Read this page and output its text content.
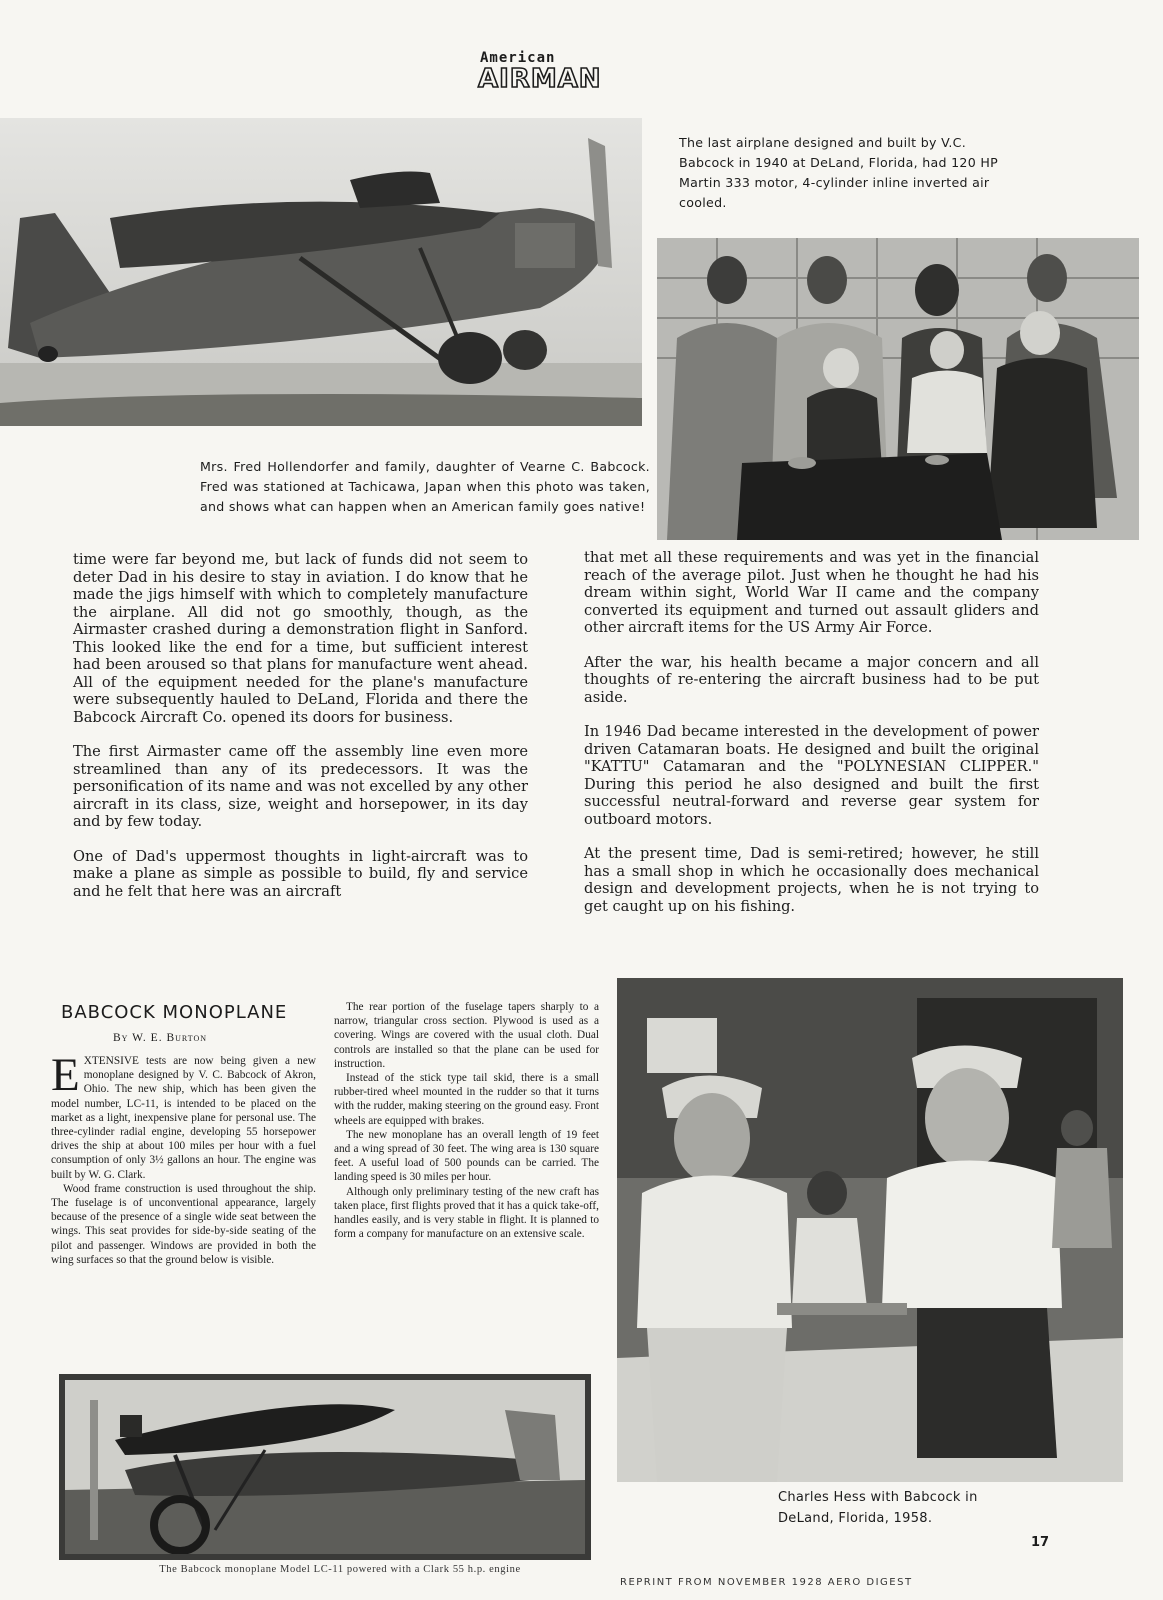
American
AIRMAN
The last airplane designed and built by V.C. Babcock in 1940 at DeLand, Florida, had 120 HP Martin 333 motor, 4-cylinder inline inverted air cooled.
Mrs. Fred Hollendorfer and family, daughter of Vearne C. Babcock. Fred was stationed at Tachicawa, Japan when this photo was taken, and shows what can happen when an American family goes native!

time were far beyond me, but lack of funds did not seem to deter Dad in his desire to stay in aviation. I do know that he made the jigs himself with which to completely manufacture the airplane. All did not go smoothly, though, as the Airmaster crashed during a demonstration flight in Sanford. This looked like the end for a time, but sufficient interest had been aroused so that plans for manufacture went ahead. All of the equipment needed for the plane's manufacture were subsequently hauled to DeLand, Florida and there the Babcock Aircraft Co. opened its doors for business.

The first Airmaster came off the assembly line even more streamlined than any of its predecessors. It was the personification of its name and was not excelled by any other aircraft in its class, size, weight and horsepower, in its day and by few today.

One of Dad's uppermost thoughts in light-aircraft was to make a plane as simple as possible to build, fly and service and he felt that here was an aircraft

that met all these requirements and was yet in the financial reach of the average pilot. Just when he thought he had his dream within sight, World War II came and the company converted its equipment and turned out assault gliders and other aircraft items for the US Army Air Force.

After the war, his health became a major concern and all thoughts of re-entering the aircraft business had to be put aside.

In 1946 Dad became interested in the development of power driven Catamaran boats. He designed and built the original "KATTU" Catamaran and the "POLYNESIAN CLIPPER." During this period he also designed and built the first successful neutral-forward and reverse gear system for outboard motors.

At the present time, Dad is semi-retired; however, he still has a small shop in which he occasionally does mechanical design and development projects, when he is not trying to get caught up on his fishing.

BABCOCK MONOPLANE
By W. E. Burton

EXTENSIVE tests are now being given a new monoplane designed by V. C. Babcock of Akron, Ohio. The new ship, which has been given the model number, LC-11, is intended to be placed on the market as a light, inexpensive plane for personal use. The three-cylinder radial engine, developing 55 horsepower drives the ship at about 100 miles per hour with a fuel consumption of only 3½ gallons an hour. The engine was built by W. G. Clark.

Wood frame construction is used throughout the ship. The fuselage is of unconventional appearance, largely because of the presence of a single wide seat between the wings. This seat provides for side-by-side seating of the pilot and passenger. Windows are provided in both the wing surfaces so that the ground below is visible.

The rear portion of the fuselage tapers sharply to a narrow, triangular cross section. Plywood is used as a covering. Wings are covered with the usual cloth. Dual controls are installed so that the plane can be used for instruction.

Instead of the stick type tail skid, there is a small rubber-tired wheel mounted in the rudder so that it turns with the rudder, making steering on the ground easy. Front wheels are equipped with brakes.

The new monoplane has an overall length of 19 feet and a wing spread of 30 feet. The wing area is 130 square feet. A useful load of 500 pounds can be carried. The landing speed is 30 miles per hour.

Although only preliminary testing of the new craft has taken place, first flights proved that it has a quick take-off, handles easily, and is very stable in flight. It is planned to form a company for manufacture on an extensive scale.

Charles Hess with Babcock in DeLand, Florida, 1958.
The Babcock monoplane Model LC-11 powered with a Clark 55 h.p. engine
REPRINT FROM NOVEMBER 1928 AERO DIGEST
17
